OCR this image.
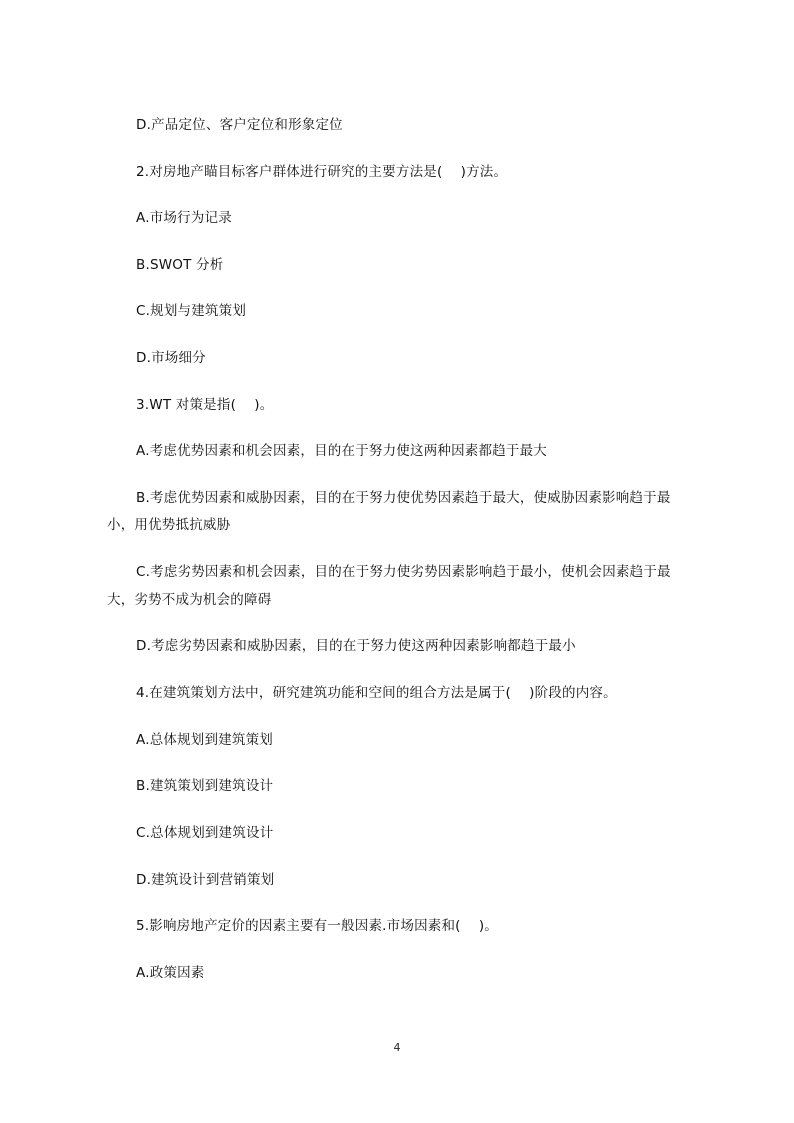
D.产品定位、客户定位和形象定位
2.对房地产瞄目标客户群体进行研究的主要方法是(　 )方法。
A.市场行为记录
B.SWOT 分析
C.规划与建筑策划
D.市场细分
3.WT 对策是指(　 )。
A.考虑优势因素和机会因素，目的在于努力使这两种因素都趋于最大
B.考虑优势因素和威胁因素，目的在于努力使优势因素趋于最大，使威胁因素影响趋于最
小，用优势抵抗威胁
C.考虑劣势因素和机会因素，目的在于努力使劣势因素影响趋于最小，使机会因素趋于最
大，劣势不成为机会的障碍
D.考虑劣势因素和威胁因素，目的在于努力使这两种因素影响都趋于最小
4.在建筑策划方法中，研究建筑功能和空间的组合方法是属于(　 )阶段的内容。
A.总体规划到建筑策划
B.建筑策划到建筑设计
C.总体规划到建筑设计
D.建筑设计到营销策划
5.影响房地产定价的因素主要有一般因素.市场因素和(　 )。
A.政策因素
4
